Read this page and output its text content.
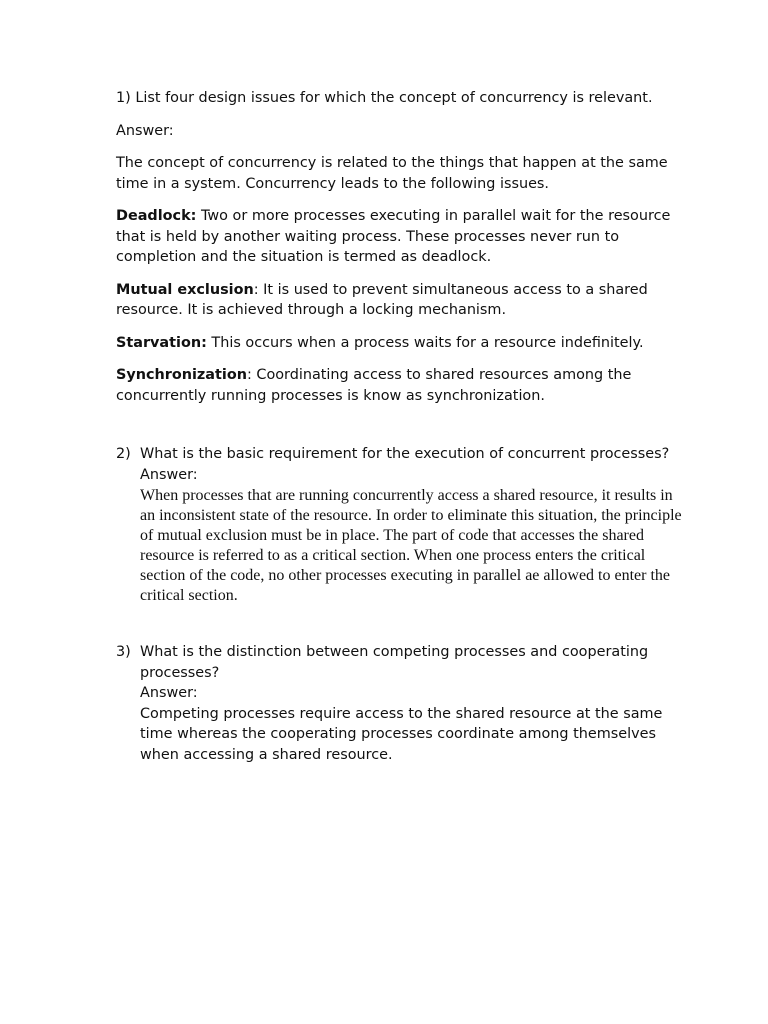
1) List four design issues for which the concept of concurrency is relevant.

Answer:

The concept of concurrency is related to the things that happen at the same time in a system. Concurrency leads to the following issues.

Deadlock: Two or more processes executing in parallel wait for the resource that is held by another waiting process. These processes never run to completion and the situation is termed as deadlock.

Mutual exclusion: It is used to prevent simultaneous access to a shared resource. It is achieved through a locking mechanism.

Starvation: This occurs when a process waits for a resource indefinitely.

Synchronization: Coordinating access to shared resources among the concurrently running processes is know as synchronization.

2) What is the basic requirement for the execution of concurrent processes?

Answer:

When processes that are running concurrently access a shared resource, it results in an inconsistent state of the resource. In order to eliminate this situation, the principle of mutual exclusion must be in place. The part of code that accesses the shared resource is referred to as a critical section. When one process enters the critical section of the code, no other processes executing in parallel ae allowed to enter the critical section.

3) What is the distinction between competing processes and cooperating processes?

Answer:

Competing processes require access to the shared resource at the same time whereas the cooperating processes coordinate among themselves when accessing a shared resource.
